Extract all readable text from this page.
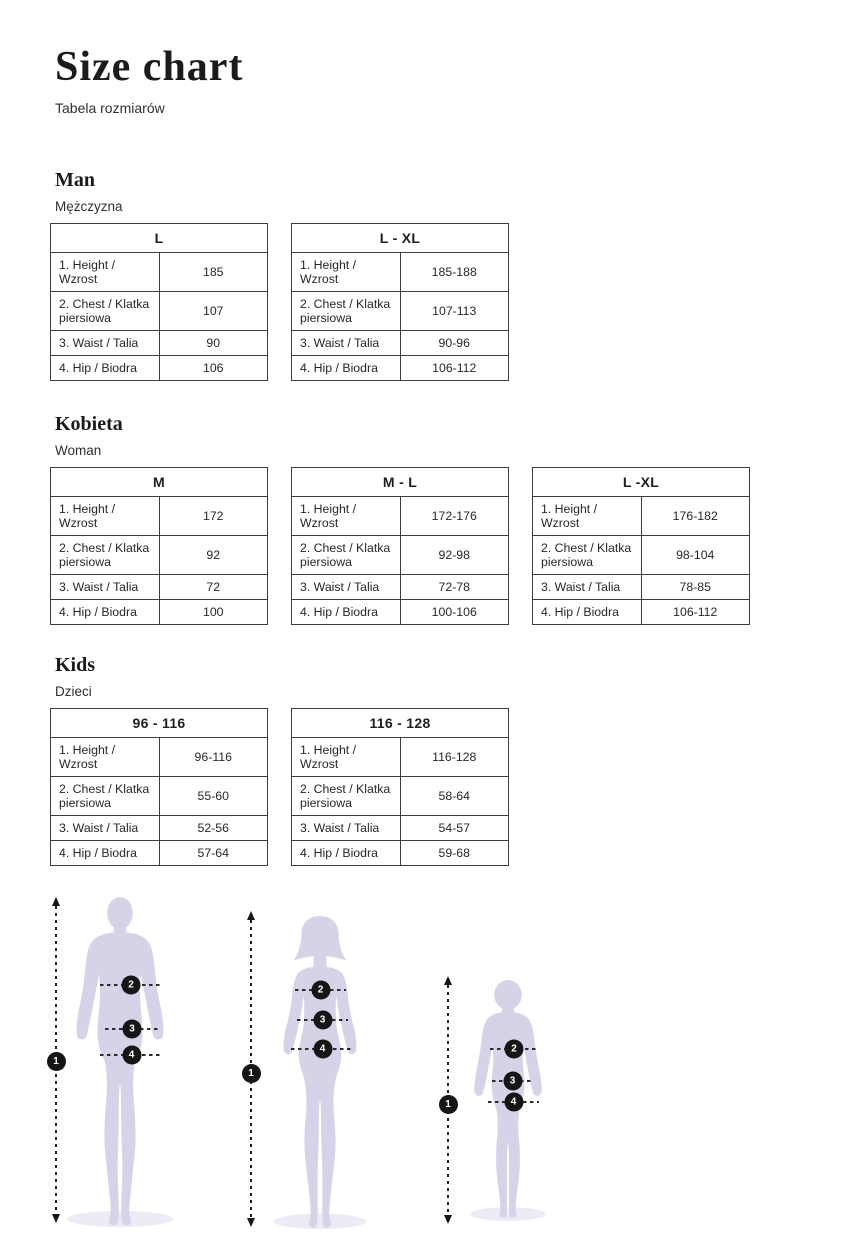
Size chart
Tabela rozmiarów
Man
Mężczyzna
L	
1. Height / Wzrost	185
2. Chest / Klatka piersiowa	107
3. Waist / Talia	90
4. Hip / Biodra	106
L - XL	
1. Height / Wzrost	185-188
2. Chest / Klatka piersiowa	107-113
3. Waist / Talia	90-96
4. Hip / Biodra	106-112
Kobieta
Woman
M	
1. Height / Wzrost	172
2. Chest / Klatka piersiowa	92
3. Waist / Talia	72
4. Hip / Biodra	100
M - L	
1. Height / Wzrost	172-176
2. Chest / Klatka piersiowa	92-98
3. Waist / Talia	72-78
4. Hip / Biodra	100-106
L -XL	
1. Height / Wzrost	176-182
2. Chest / Klatka piersiowa	98-104
3. Waist / Talia	78-85
4. Hip / Biodra	106-112
Kids
Dzieci
96 - 116	
1. Height / Wzrost	96-116
2. Chest / Klatka piersiowa	55-60
3. Waist / Talia	52-56
4. Hip / Biodra	57-64
116 - 128	
1. Height / Wzrost	116-128
2. Chest / Klatka piersiowa	58-64
3. Waist / Talia	54-57
4. Hip / Biodra	59-68
1
2
3
4
1
2
3
4
1
2
3
4
